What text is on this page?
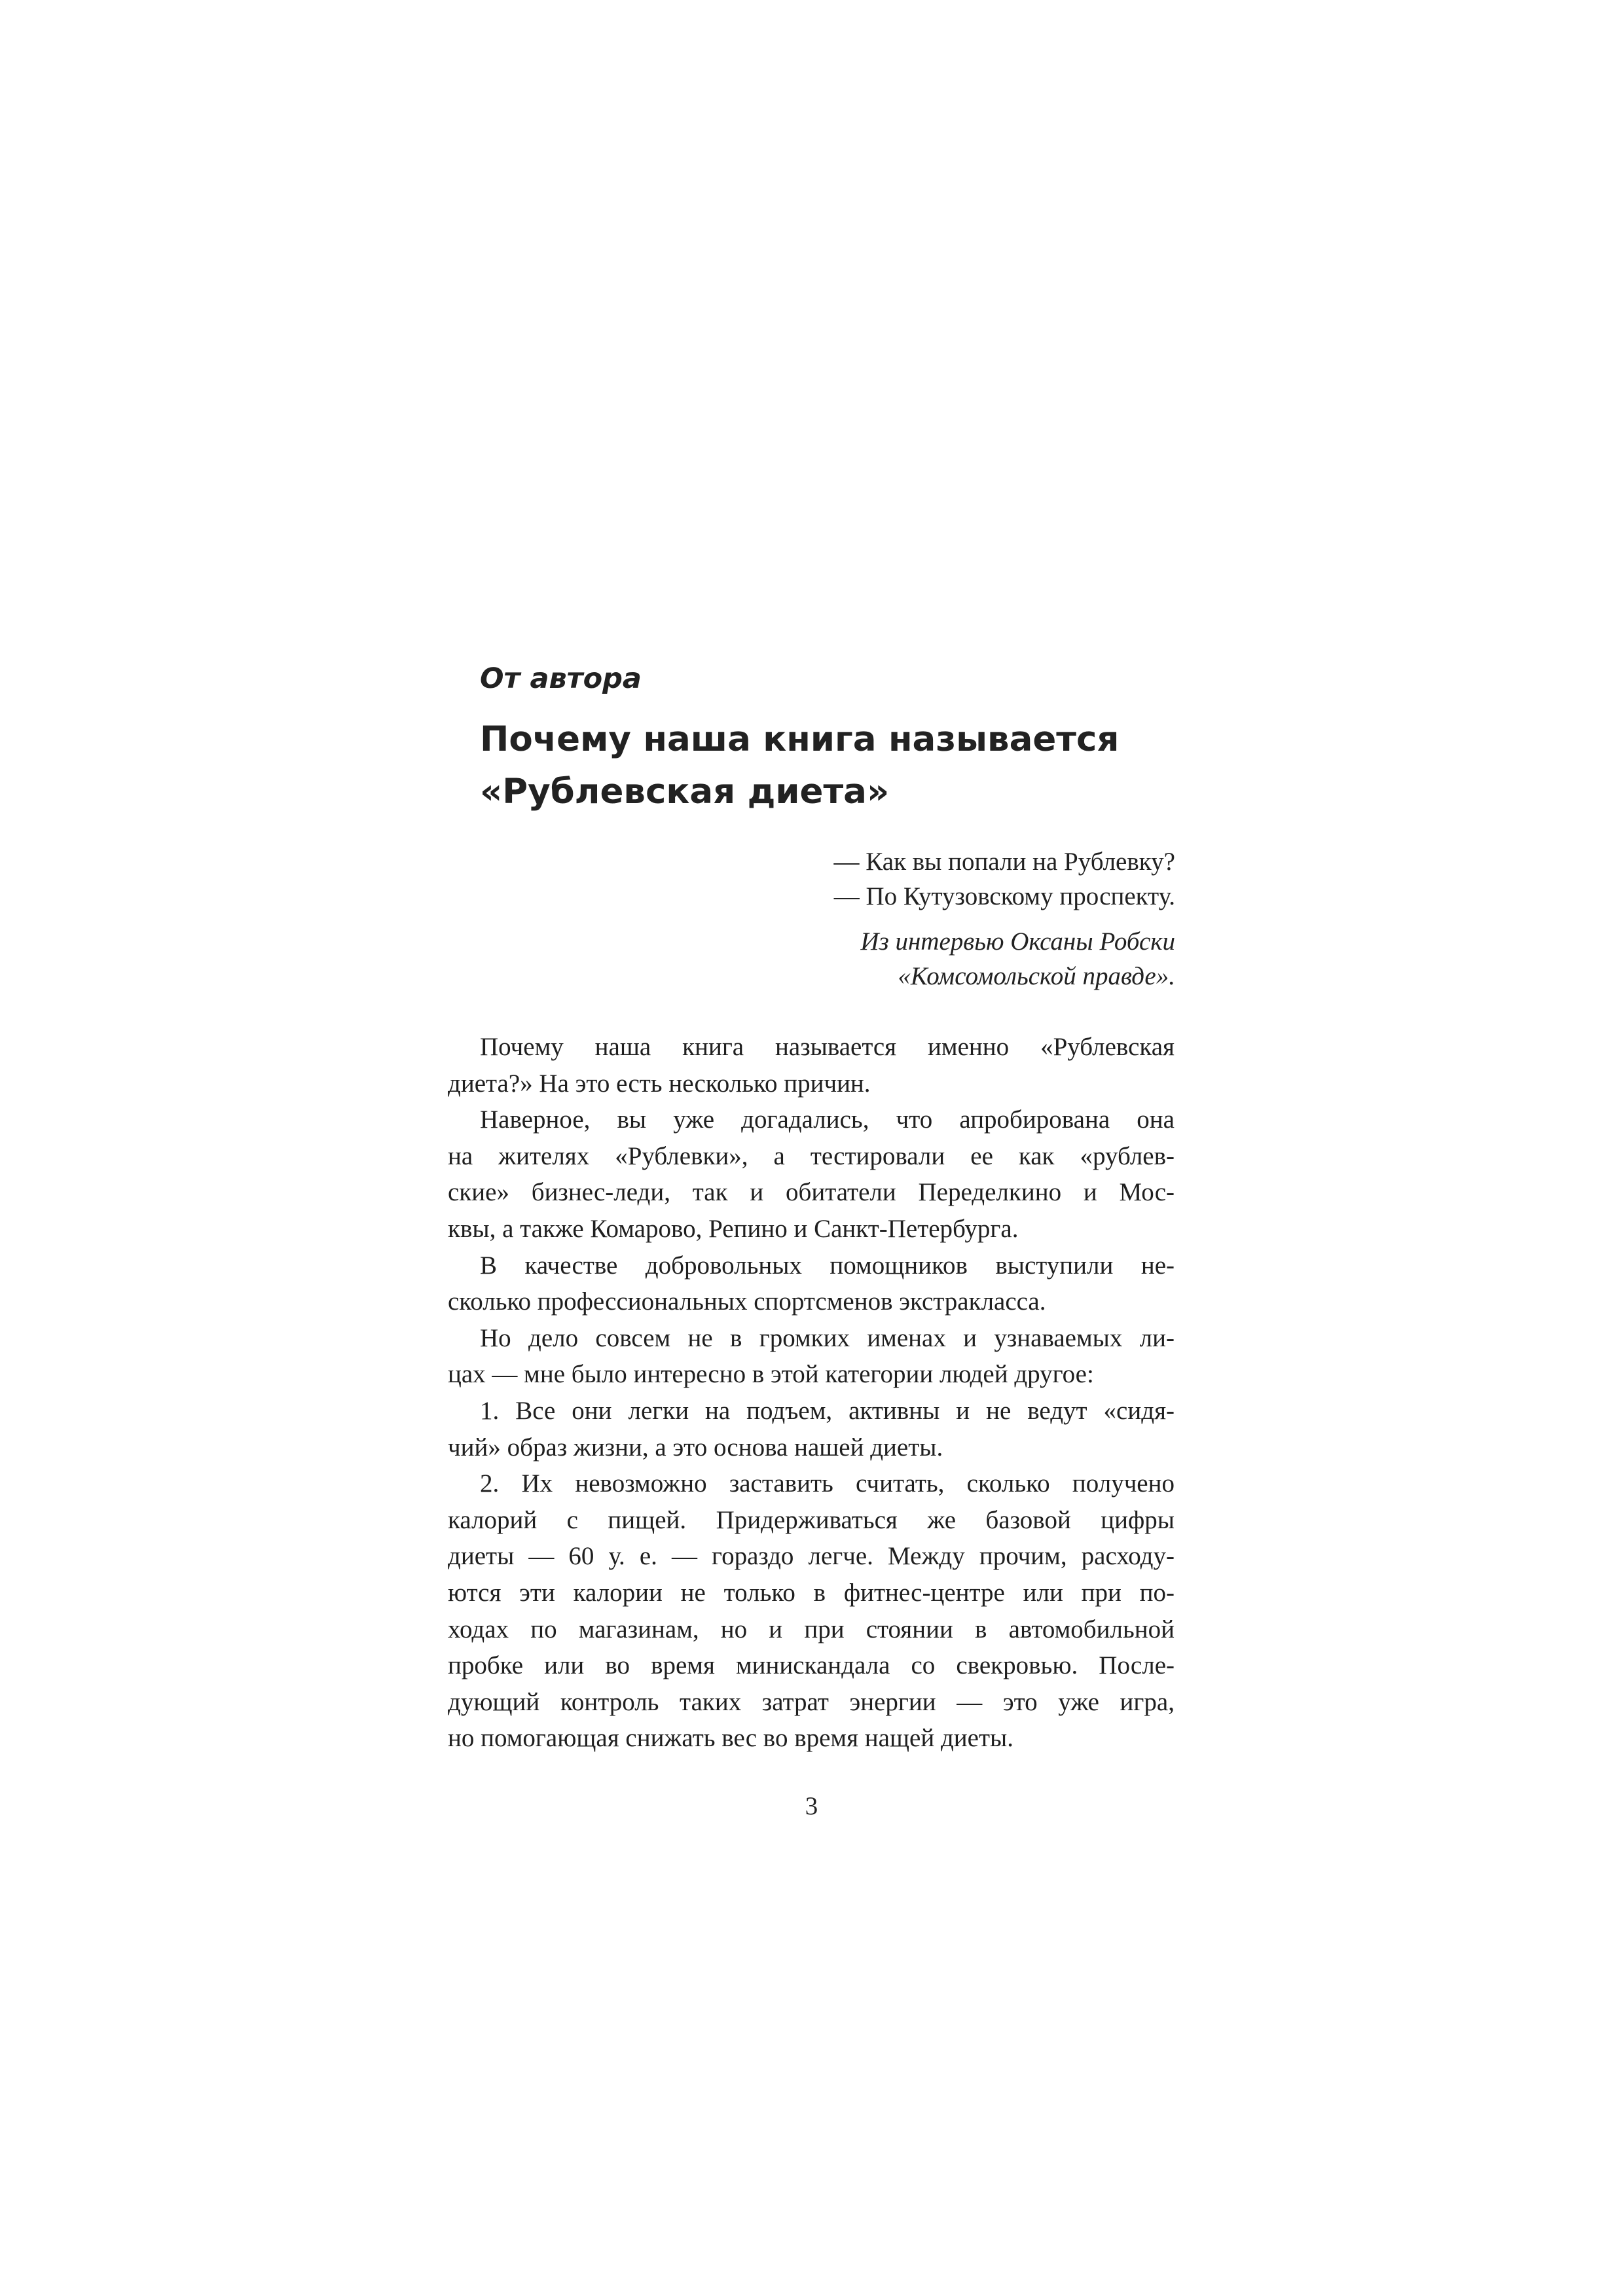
От автора
Почему наша книга называется
«Рублевская диета»
— Как вы попали на Рублевку?
— По Кутузовскому проспекту.
Из интервью Оксаны Робски
«Комсомольской правде».

Почему наша книга называется именно «Рублевская
диета?» На это есть несколько причин.

Наверное, вы уже догадались, что апробирована она
на жителях «Рублевки», а тестировали ее как «рублев-
ские» бизнес-леди, так и обитатели Переделкино и Мос-
квы, а также Комарово, Репино и Санкт-Петербурга.

В качестве добровольных помощников выступили не-
сколько профессиональных спортсменов экстракласса.

Но дело совсем не в громких именах и узнаваемых ли-
цах — мне было интересно в этой категории людей другое:

1. Все они легки на подъем, активны и не ведут «сидя-
чий» образ жизни, а это основа нашей диеты.

2. Их невозможно заставить считать, сколько получено
калорий с пищей. Придерживаться же базовой цифры
диеты — 60 у. е. — гораздо легче. Между прочим, расходу-
ются эти калории не только в фитнес-центре или при по-
ходах по магазинам, но и при стоянии в автомобильной
пробке или во время минискандала со свекровью. После-
дующий контроль таких затрат энергии — это уже игра,
но помогающая снижать вес во время нащей диеты.

3
